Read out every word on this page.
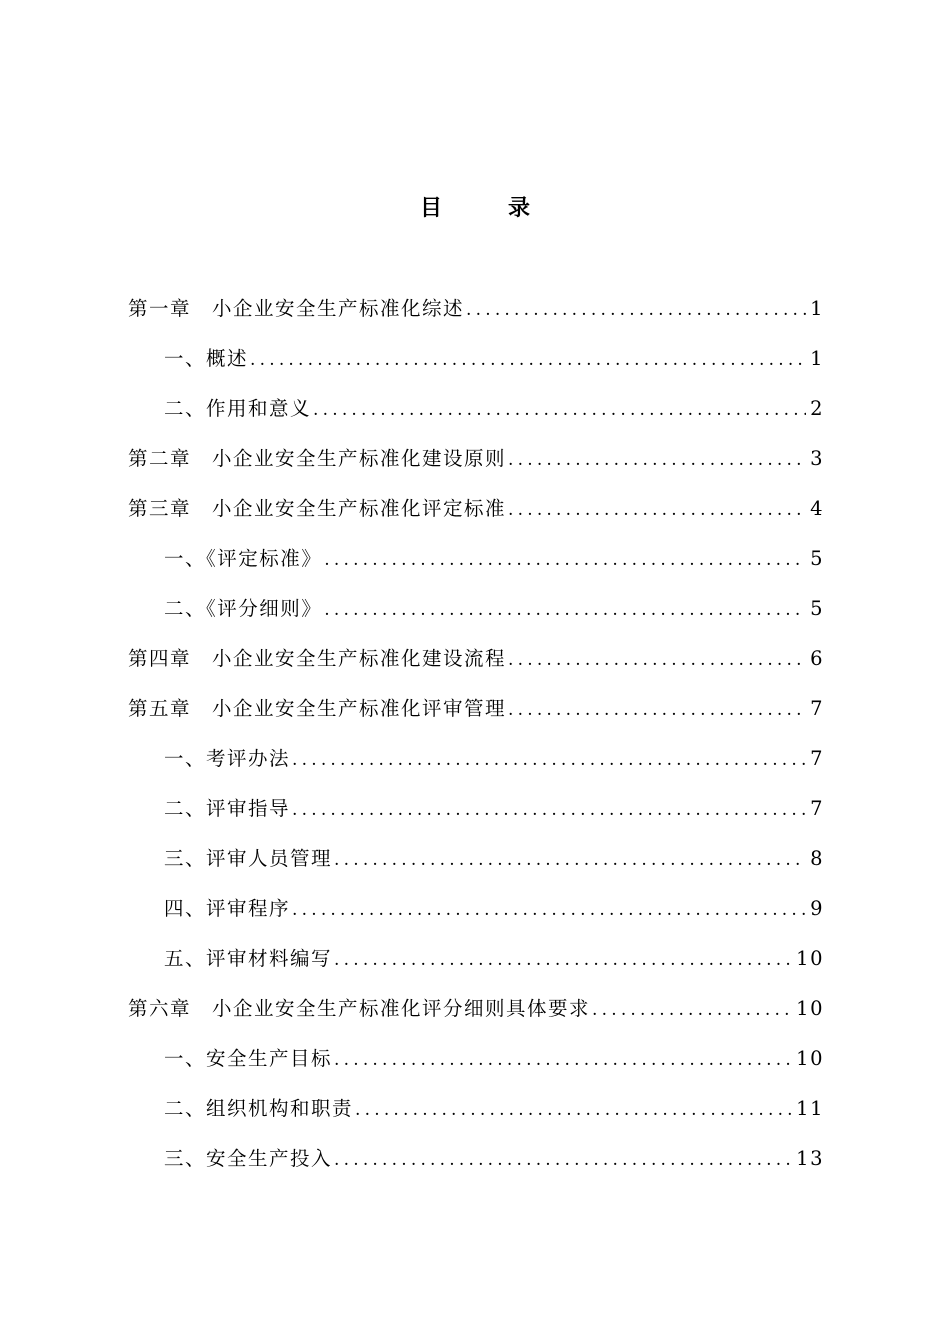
目　录
第一章　小企业安全生产标准化综述 .....	1
一、概述 .....	1
二、作用和意义 .....	2
第二章　小企业安全生产标准化建设原则 .....	3
第三章　小企业安全生产标准化评定标准 .....	4
一、《评定标准》 .....	5
二、《评分细则》 .....	5
第四章　小企业安全生产标准化建设流程 .....	6
第五章　小企业安全生产标准化评审管理 .....	7
一、考评办法 .....	7
二、评审指导 .....	7
三、评审人员管理 .....	8
四、评审程序 .....	9
五、评审材料编写 .....	10
第六章　小企业安全生产标准化评分细则具体要求 .....	10
一、安全生产目标 .....	10
二、组织机构和职责 .....	11
三、安全生产投入 .....	13
